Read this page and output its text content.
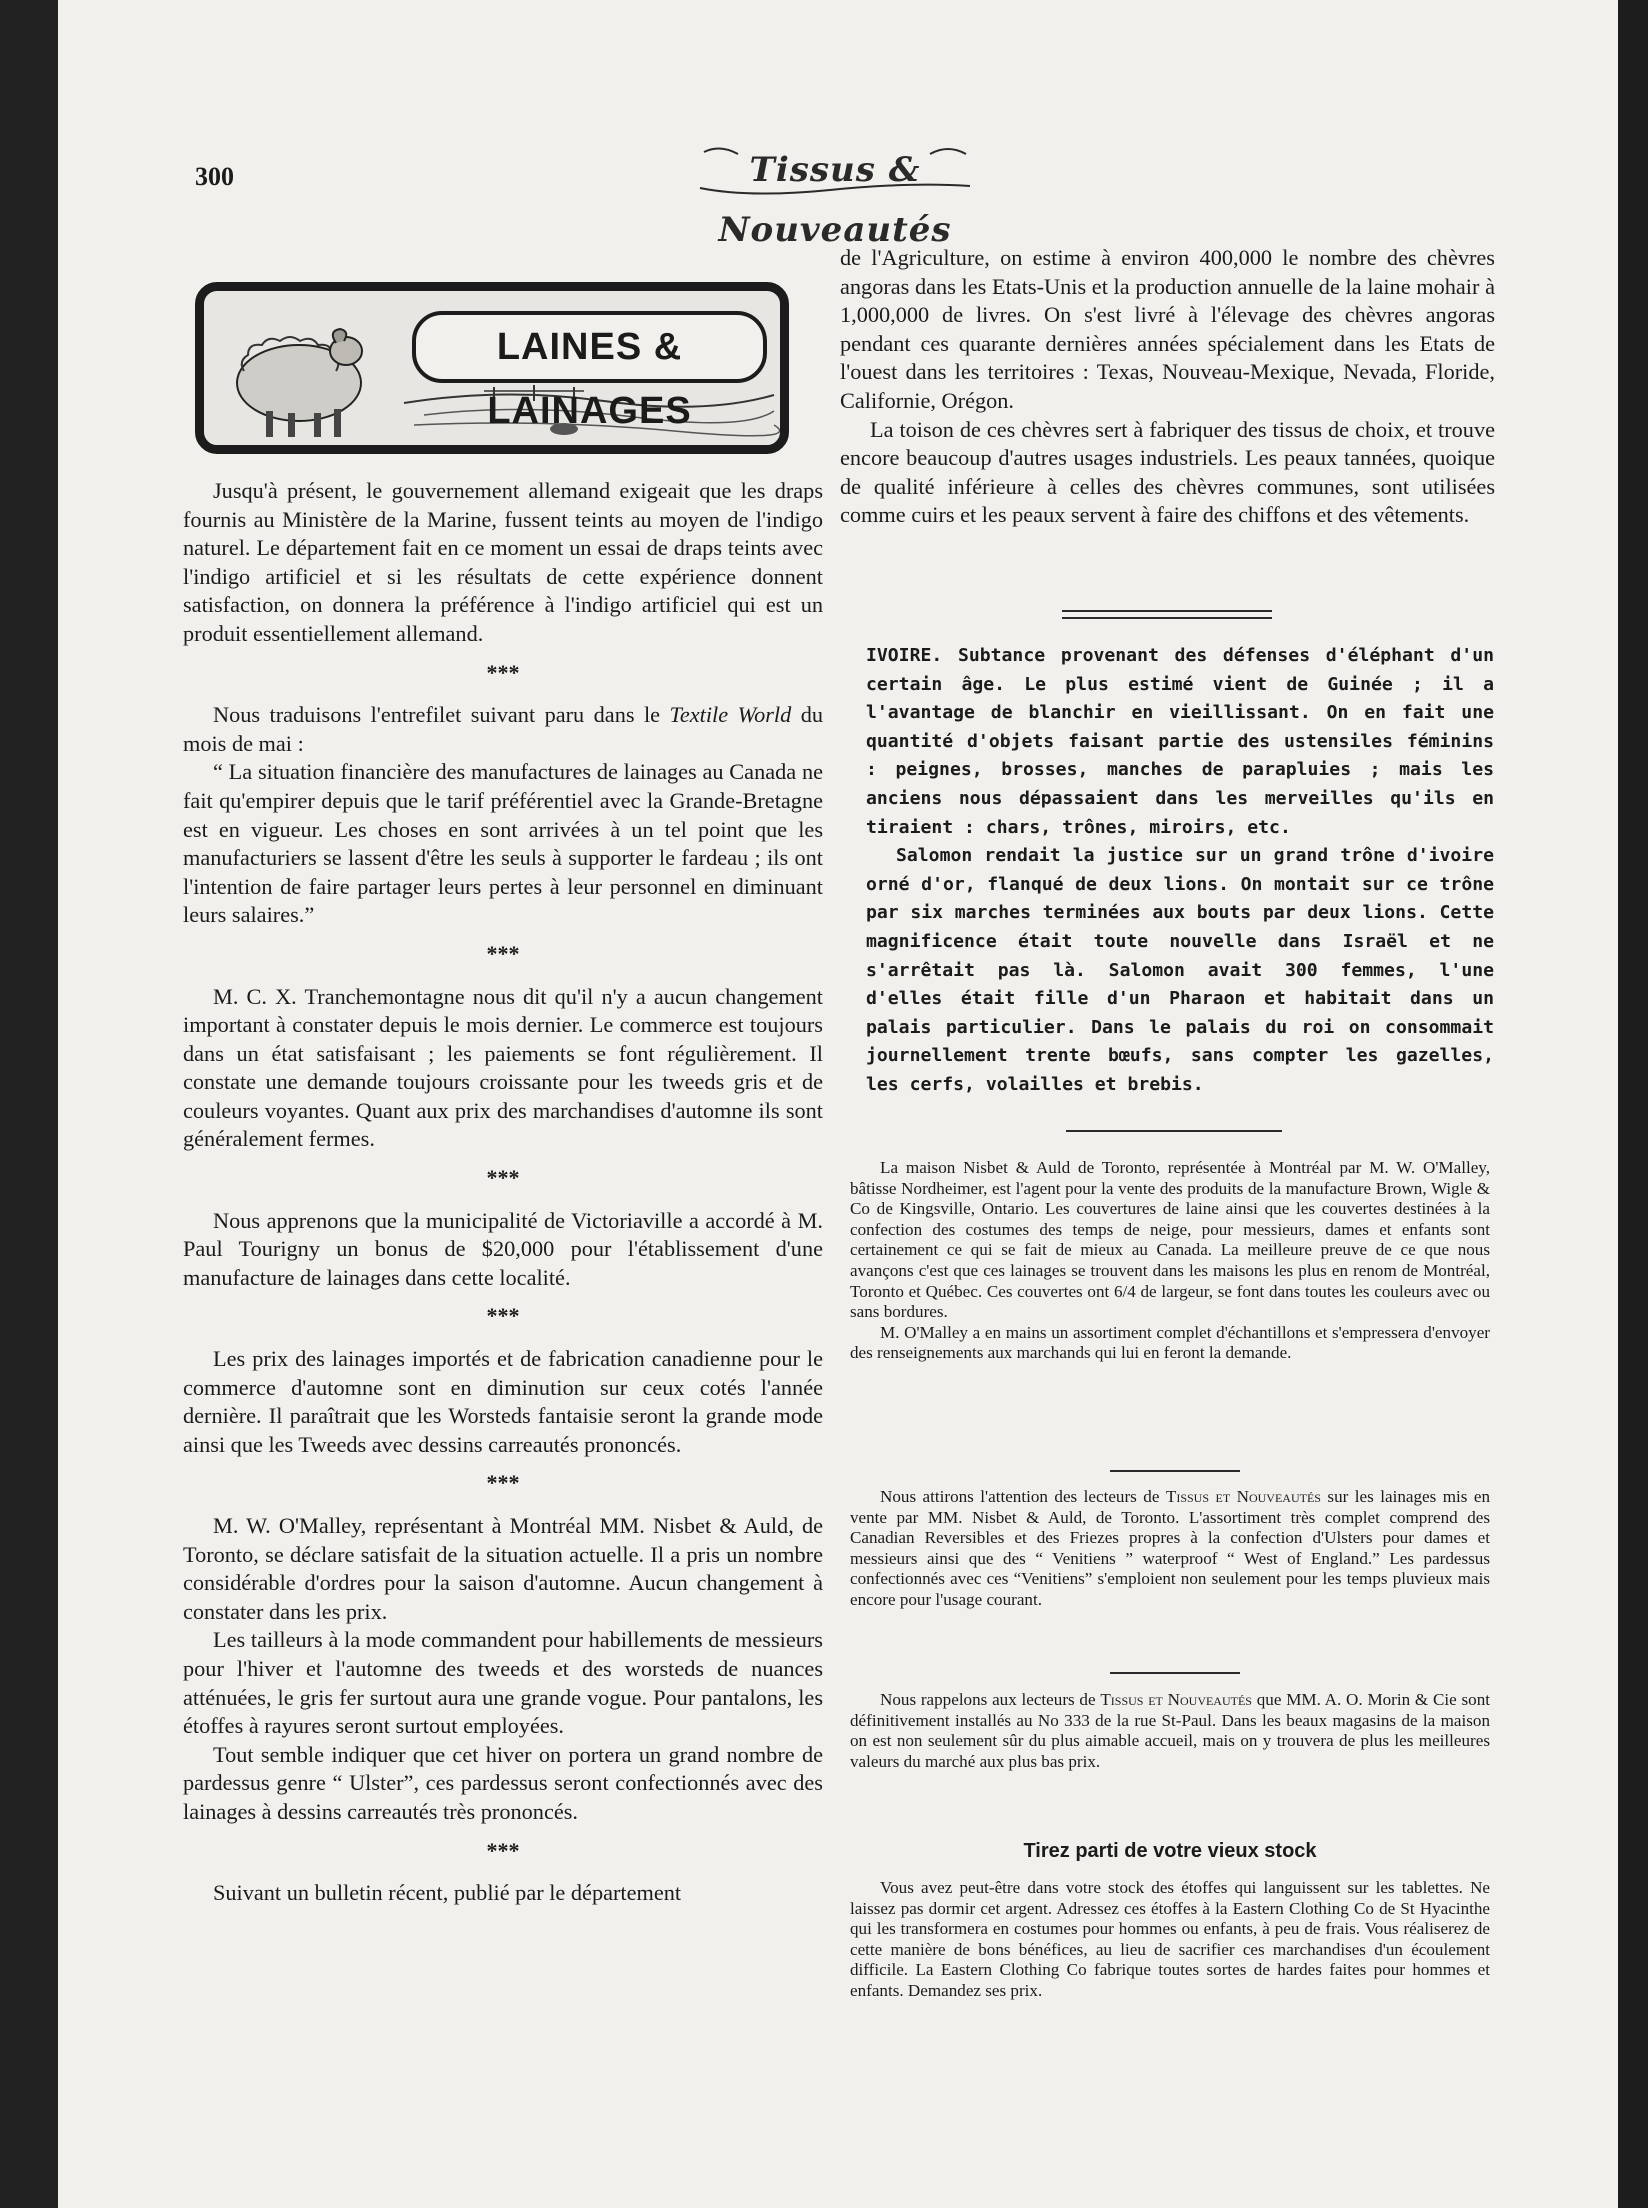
300	Tissus & Nouveautés
LAINES & LAINAGES

Jusqu'à présent, le gouvernement allemand exigeait que les draps fournis au Ministère de la Marine, fussent teints au moyen de l'indigo naturel. Le département fait en ce moment un essai de draps teints avec l'indigo artificiel et si les résultats de cette expérience donnent satisfaction, on donnera la préférence à l'indigo artificiel qui est un produit essentiellement allemand.

***

Nous traduisons l'entrefilet suivant paru dans le Textile World du mois de mai :

“ La situation financière des manufactures de lainages au Canada ne fait qu'empirer depuis que le tarif préférentiel avec la Grande-Bretagne est en vigueur. Les choses en sont arrivées à un tel point que les manufacturiers se lassent d'être les seuls à supporter le fardeau ; ils ont l'intention de faire partager leurs pertes à leur personnel en diminuant leurs salaires.”

***

M. C. X. Tranchemontagne nous dit qu'il n'y a aucun changement important à constater depuis le mois dernier. Le commerce est toujours dans un état satisfaisant ; les paiements se font régulièrement. Il constate une demande toujours croissante pour les tweeds gris et de couleurs voyantes. Quant aux prix des marchandises d'automne ils sont généralement fermes.

***

Nous apprenons que la municipalité de Victoriaville a accordé à M. Paul Tourigny un bonus de $20,000 pour l'établissement d'une manufacture de lainages dans cette localité.

***

Les prix des lainages importés et de fabrication canadienne pour le commerce d'automne sont en diminution sur ceux cotés l'année dernière. Il paraîtrait que les Worsteds fantaisie seront la grande mode ainsi que les Tweeds avec dessins carreautés prononcés.

***

M. W. O'Malley, représentant à Montréal MM. Nisbet & Auld, de Toronto, se déclare satisfait de la situation actuelle. Il a pris un nombre considérable d'ordres pour la saison d'automne. Aucun changement à constater dans les prix.

Les tailleurs à la mode commandent pour habillements de messieurs pour l'hiver et l'automne des tweeds et des worsteds de nuances atténuées, le gris fer surtout aura une grande vogue. Pour pantalons, les étoffes à rayures seront surtout employées.

Tout semble indiquer que cet hiver on portera un grand nombre de pardessus genre “ Ulster”, ces pardessus seront confectionnés avec des lainages à dessins carreautés très prononcés.

***

Suivant un bulletin récent, publié par le département

de l'Agriculture, on estime à environ 400,000 le nombre des chèvres angoras dans les Etats-Unis et la production annuelle de la laine mohair à 1,000,000 de livres. On s'est livré à l'élevage des chèvres angoras pendant ces quarante dernières années spécialement dans les Etats de l'ouest dans les territoires : Texas, Nouveau-Mexique, Nevada, Floride, Californie, Orégon.

La toison de ces chèvres sert à fabriquer des tissus de choix, et trouve encore beaucoup d'autres usages industriels. Les peaux tannées, quoique de qualité inférieure à celles des chèvres communes, sont utilisées comme cuirs et les peaux servent à faire des chiffons et des vêtements.

IVOIRE. Subtance provenant des défenses d'éléphant d'un certain âge. Le plus estimé vient de Guinée ; il a l'avantage de blanchir en vieillissant. On en fait une quantité d'objets faisant partie des ustensiles féminins : peignes, brosses, manches de parapluies ; mais les anciens nous dépassaient dans les merveilles qu'ils en tiraient : chars, trônes, miroirs, etc.

Salomon rendait la justice sur un grand trône d'ivoire orné d'or, flanqué de deux lions. On montait sur ce trône par six marches terminées aux bouts par deux lions. Cette magnificence était toute nouvelle dans Israël et ne s'arrêtait pas là. Salomon avait 300 femmes, l'une d'elles était fille d'un Pharaon et habitait dans un palais particulier. Dans le palais du roi on consommait journellement trente bœufs, sans compter les gazelles, les cerfs, volailles et brebis.

La maison Nisbet & Auld de Toronto, représentée à Montréal par M. W. O'Malley, bâtisse Nordheimer, est l'agent pour la vente des produits de la manufacture Brown, Wigle & Co de Kingsville, Ontario. Les couvertures de laine ainsi que les couvertes destinées à la confection des costumes des temps de neige, pour messieurs, dames et enfants sont certainement ce qui se fait de mieux au Canada. La meilleure preuve de ce que nous avançons c'est que ces lainages se trouvent dans les maisons les plus en renom de Montréal, Toronto et Québec. Ces couvertes ont 6/4 de largeur, se font dans toutes les couleurs avec ou sans bordures.

M. O'Malley a en mains un assortiment complet d'échantillons et s'empressera d'envoyer des renseignements aux marchands qui lui en feront la demande.

Nous attirons l'attention des lecteurs de Tissus et Nouveautés sur les lainages mis en vente par MM. Nisbet & Auld, de Toronto. L'assortiment très complet comprend des Canadian Reversibles et des Friezes propres à la confection d'Ulsters pour dames et messieurs ainsi que des “ Venitiens ” waterproof “ West of England.” Les pardessus confectionnés avec ces “Venitiens” s'emploient non seulement pour les temps pluvieux mais encore pour l'usage courant.

Nous rappelons aux lecteurs de Tissus et Nouveautés que MM. A. O. Morin & Cie sont définitivement installés au No 333 de la rue St-Paul. Dans les beaux magasins de la maison on est non seulement sûr du plus aimable accueil, mais on y trouvera de plus les meilleures valeurs du marché aux plus bas prix.

Tirez parti de votre vieux stock

Vous avez peut-être dans votre stock des étoffes qui languissent sur les tablettes. Ne laissez pas dormir cet argent. Adressez ces étoffes à la Eastern Clothing Co de St Hyacinthe qui les transformera en costumes pour hommes ou enfants, à peu de frais. Vous réaliserez de cette manière de bons bénéfices, au lieu de sacrifier ces marchandises d'un écoulement difficile. La Eastern Clothing Co fabrique toutes sortes de hardes faites pour hommes et enfants. Demandez ses prix.
